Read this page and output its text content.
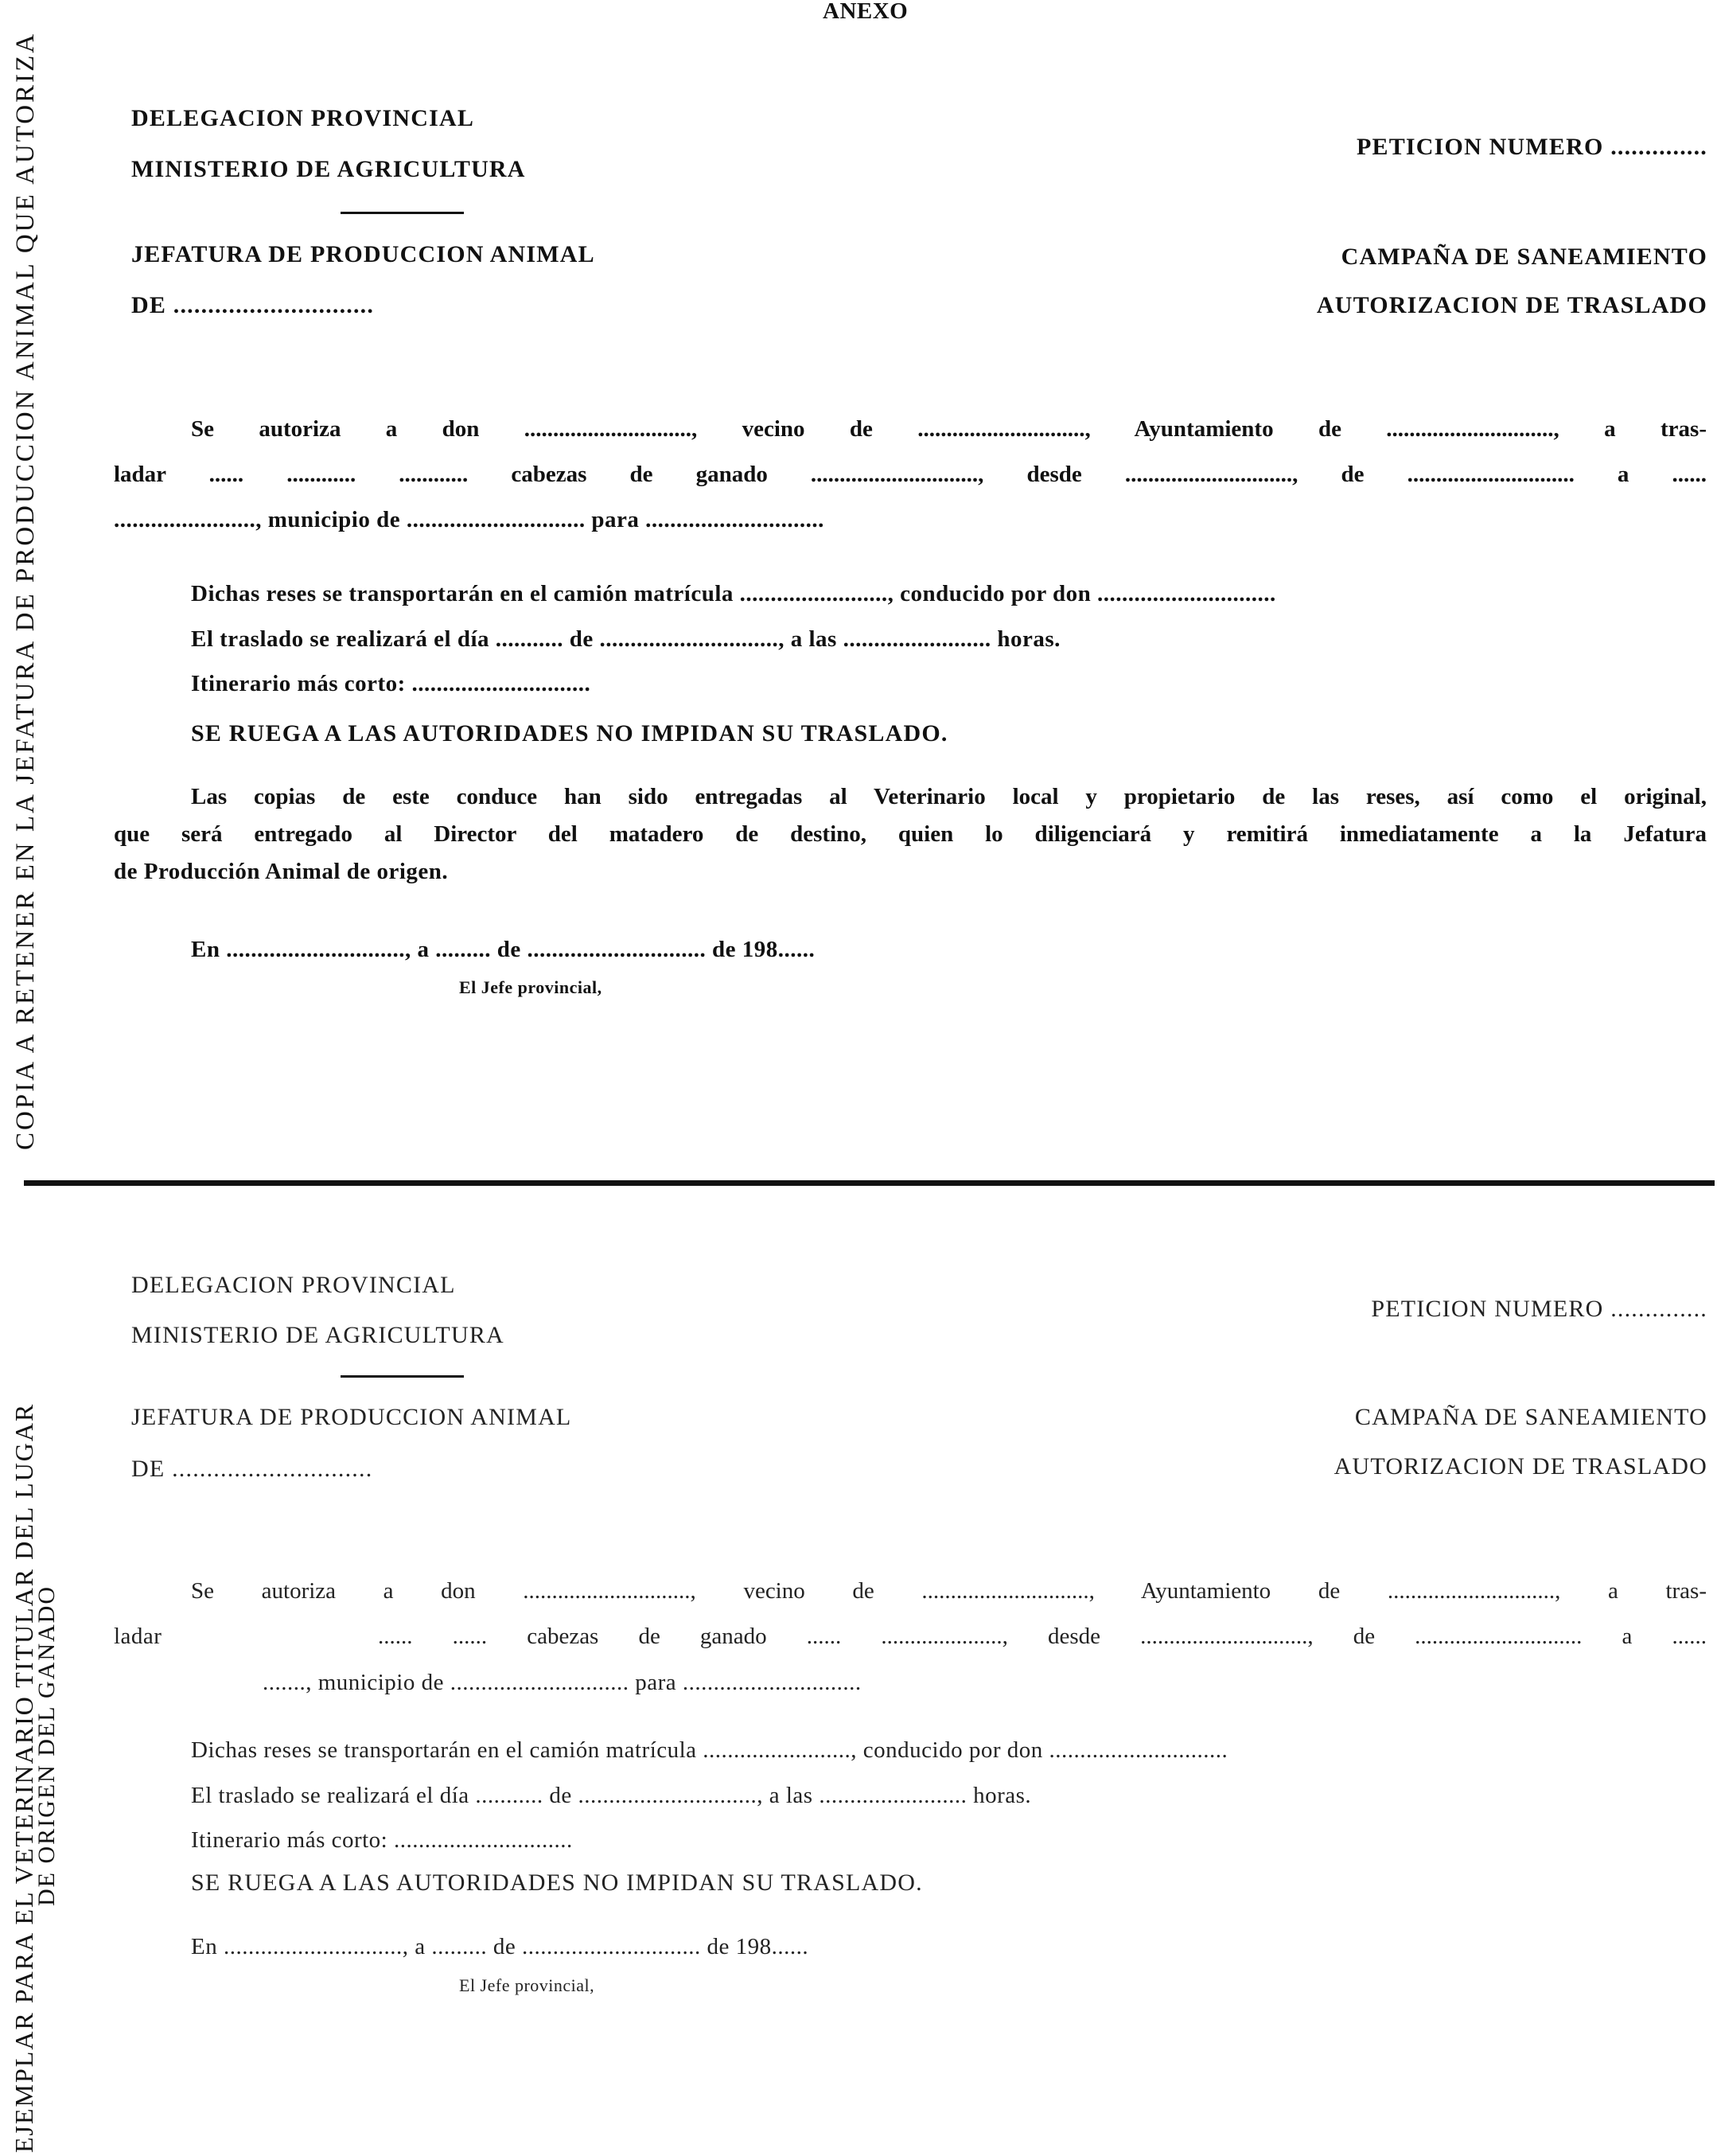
ANEXO
COPIA A RETENER EN LA JEFATURA DE PRODUCCION ANIMAL QUE AUTORIZA
EJEMPLAR PARA EL VETERINARIO TITULAR DEL LUGAR
DE ORIGEN DEL GANADO
DELEGACION PROVINCIAL
MINISTERIO DE AGRICULTURA
JEFATURA DE PRODUCCION ANIMAL
DE .............................
PETICION NUMERO ..............
CAMPAÑA DE SANEAMIENTO
AUTORIZACION DE TRASLADO
Se autoriza a don ............................., vecino de ............................., Ayuntamiento de ............................., a tras-
ladar ...... ............ ............ cabezas de ganado ............................., desde ............................., de ............................. a ......
......................., municipio de ............................. para .............................
Dichas reses se transportarán en el camión matrícula ........................, conducido por don .............................
El traslado se realizará el día ........... de ............................., a las ........................ horas.
Itinerario más corto: .............................
SE RUEGA A LAS AUTORIDADES NO IMPIDAN SU TRASLADO.
Las copias de este conduce han sido entregadas al Veterinario local y propietario de las reses, así como el original,
que será entregado al Director del matadero de destino, quien lo diligenciará y remitirá inmediatamente a la Jefatura
de Producción Animal de origen.
En ............................., a ......... de ............................. de 198......
El Jefe provincial,
DELEGACION PROVINCIAL
MINISTERIO DE AGRICULTURA
JEFATURA DE PRODUCCION ANIMAL
DE .............................
PETICION NUMERO ..............
CAMPAÑA DE SANEAMIENTO
AUTORIZACION DE TRASLADO
Se autoriza a don ............................., vecino de ............................., Ayuntamiento de ............................., a tras-
ladar	...... ...... cabezas de ganado ...... ....................., desde ............................., de ............................. a ......
......., municipio de ............................. para .............................
Dichas reses se transportarán en el camión matrícula ........................, conducido por don .............................
El traslado se realizará el día ........... de ............................., a las ........................ horas.
Itinerario más corto: .............................
SE RUEGA A LAS AUTORIDADES NO IMPIDAN SU TRASLADO.
En ............................., a ......... de ............................. de 198......
El Jefe provincial,
